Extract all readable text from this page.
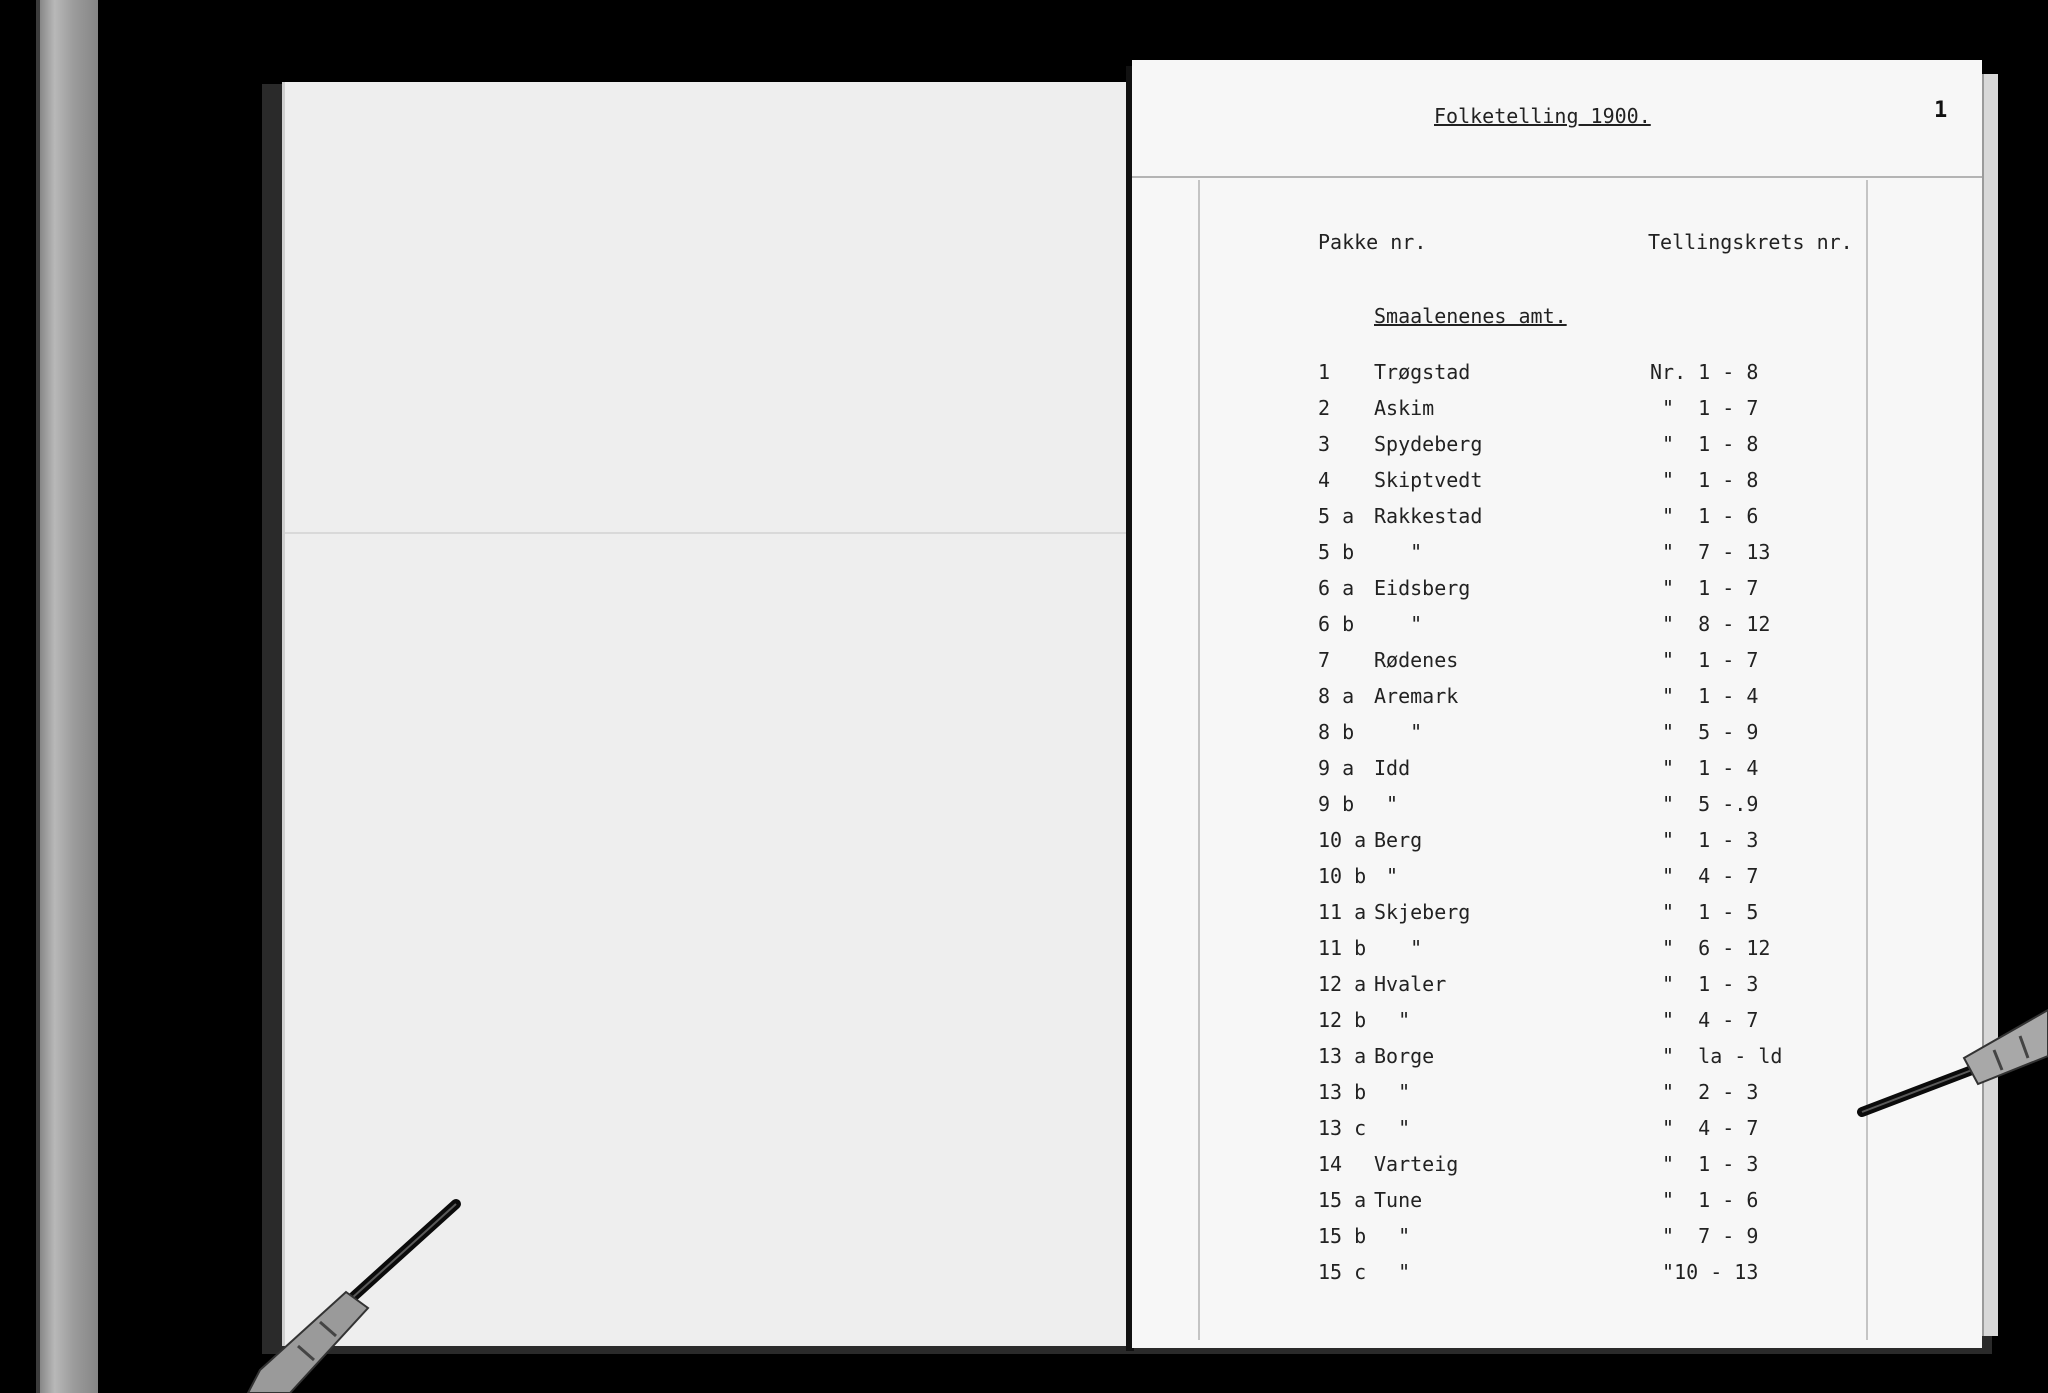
Folketelling 1900.	1
Pakke nr.	Tellingskrets nr.
Smaalenenes amt.
1 Trøgstad	Nr. 1 - 8
2 Askim	"  1 - 7
3 Spydeberg	"  1 - 8
4 Skiptvedt	"  1 - 8
5 a Rakkestad	"  1 - 6
5 b "	"  7 - 13
6 a Eidsberg	"  1 - 7
6 b "	"  8 - 12
7 Rødenes	"  1 - 7
8 a Aremark	"  1 - 4
8 b "	"  5 - 9
9 a Idd	"  1 - 4
9 b "	"  5 -.9
10 a Berg	"  1 - 3
10 b "	"  4 - 7
11 a Skjeberg	"  1 - 5
11 b "	"  6 - 12
12 a Hvaler	"  1 - 3
12 b "	"  4 - 7
13 a Borge	"  la - ld
13 b "	"  2 - 3
13 c "	"  4 - 7
14 Varteig	"  1 - 3
15 a Tune	"  1 - 6
15 b "	"  7 - 9
15 c "	"10 - 13
